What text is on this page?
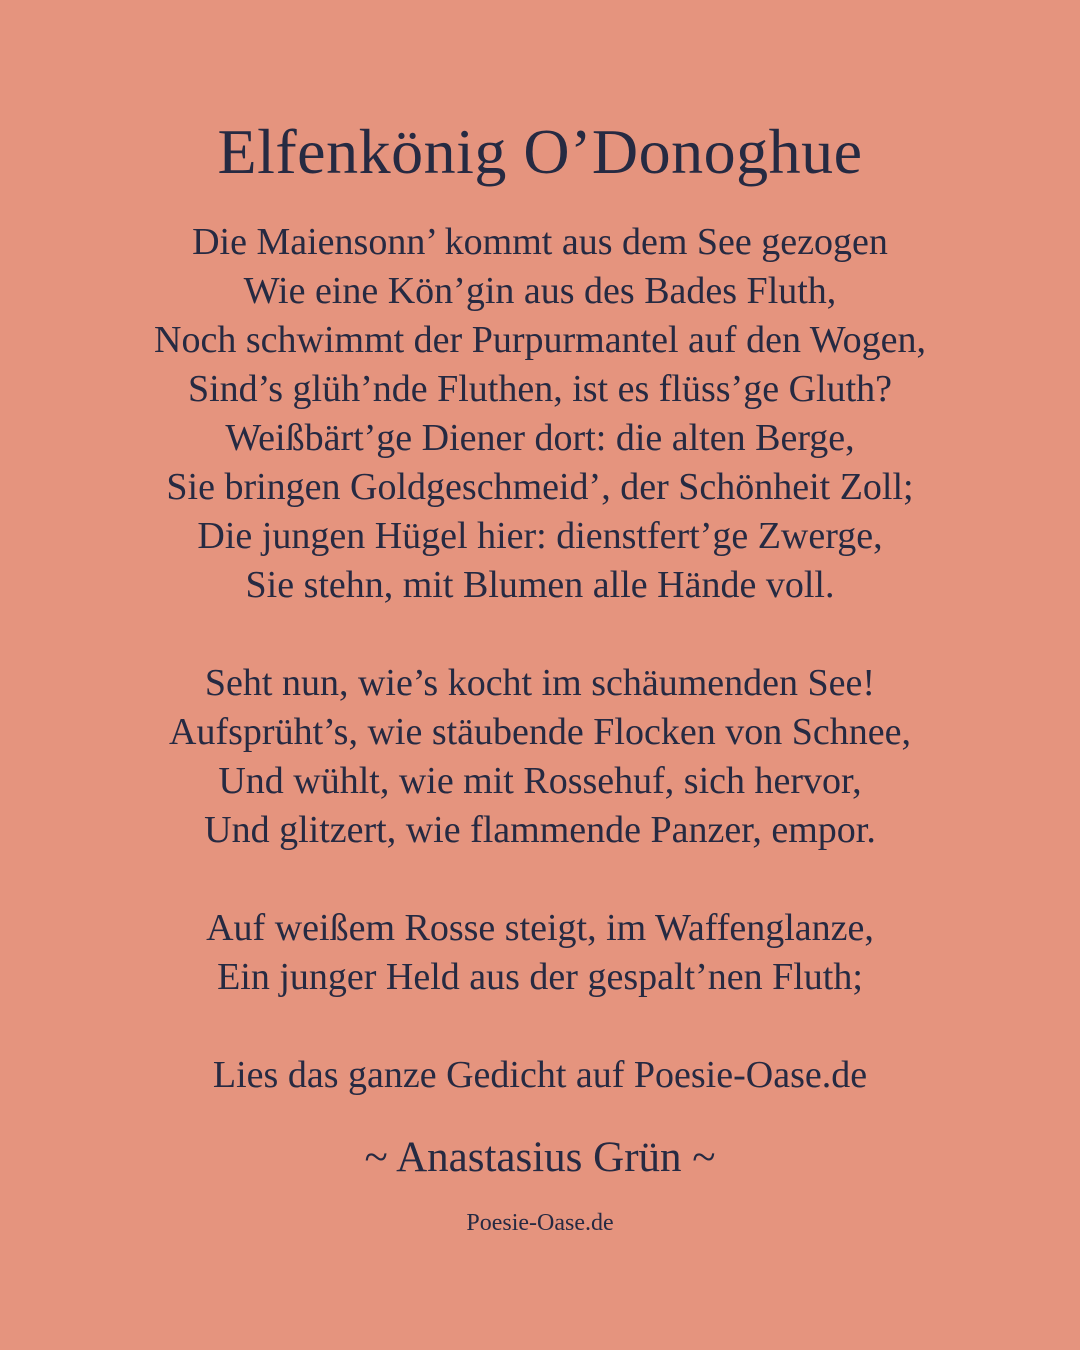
Elfenkönig O’Donoghue
Die Maiensonn’ kommt aus dem See gezogen
Wie eine Kön’gin aus des Bades Fluth,
Noch schwimmt der Purpurmantel auf den Wogen,
Sind’s glüh’nde Fluthen, ist es flüss’ge Gluth?
Weißbärt’ge Diener dort: die alten Berge,
Sie bringen Goldgeschmeid’, der Schönheit Zoll;
Die jungen Hügel hier: dienstfert’ge Zwerge,
Sie stehn, mit Blumen alle Hände voll.
Seht nun, wie’s kocht im schäumenden See!
Aufsprüht’s, wie stäubende Flocken von Schnee,
Und wühlt, wie mit Rossehuf, sich hervor,
Und glitzert, wie flammende Panzer, empor.
Auf weißem Rosse steigt, im Waffenglanze,
Ein junger Held aus der gespalt’nen Fluth;
Lies das ganze Gedicht auf Poesie-Oase.de
~ Anastasius Grün ~
Poesie-Oase.de
